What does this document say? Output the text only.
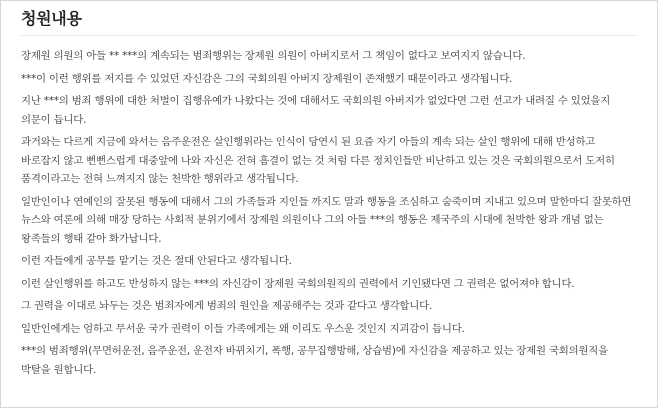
청원내용

장제원 의원의 아들 ** ***의 계속되는 범죄행위는 장제원 의원이 아버지로서 그 책임이 없다고 보여지지 않습니다.

***이 이런 행위를 저지를 수 있었던 자신감은 그의 국회의원 아버지 장제원이 존재했기 때문이라고 생각됩니다.

지난 ***의 범죄 행위에 대한 처벌이 집행유예가 나왔다는 것에 대해서도 국회의원 아버지가 없었다면 그런 선고가 내려질 수 있었을지 의문이 듭니다.

과거와는 다르게 지금에 와서는 음주운전은 살인행위라는 인식이 당연시 된 요즘 자기 아들의 계속 되는 살인 행위에 대해 반성하고 바로잡지 않고 뻔뻔스럽게 대중앞에 나와 자신은 전혀 흠결이 없는 것 처럼 다른 정치인들만 비난하고 있는 것은 국회의원으로서 도저히 품격이라고는 전혀 느껴지지 않는 천박한 행위라고 생각됩니다.

일반인이나 연예인의 잘못된 행동에 대해서 그의 가족들과 지인들 까지도 말과 행동을 조심하고 숨죽이며 지내고 있으며 말한마디 잘못하면 뉴스와 여론에 의해 매장 당하는 사회적 분위기에서 장제원 의원이나 그의 아들 ***의 행동은 제국주의 시대에 천박한 왕과 개념 없는 왕족들의 행태 같아 화가납니다.

이런 자들에게 공무를 맡기는 것은 절대 안된다고 생각됩니다.

이런 살인행위를 하고도 반성하지 않는 ***의 자신감이 장제원 국회의원직의 권력에서 기인됐다면 그 권력은 없어져야 합니다.

그 권력을 이대로 놔두는 것은 범죄자에게 범죄의 원인을 제공해주는 것과 같다고 생각합니다.

일반인에게는 엄하고 무서운 국가 권력이 이들 가족에게는 왜 이리도 우스운 것인지 지괴감이 듭니다.

***의 범죄행위(무면허운전, 음주운전, 운전자 바뀌치기, 폭행, 공무집행방해, 상습범)에 자신감을 제공하고 있는 장제원 국회의원직을 박탈을 원합니다.
